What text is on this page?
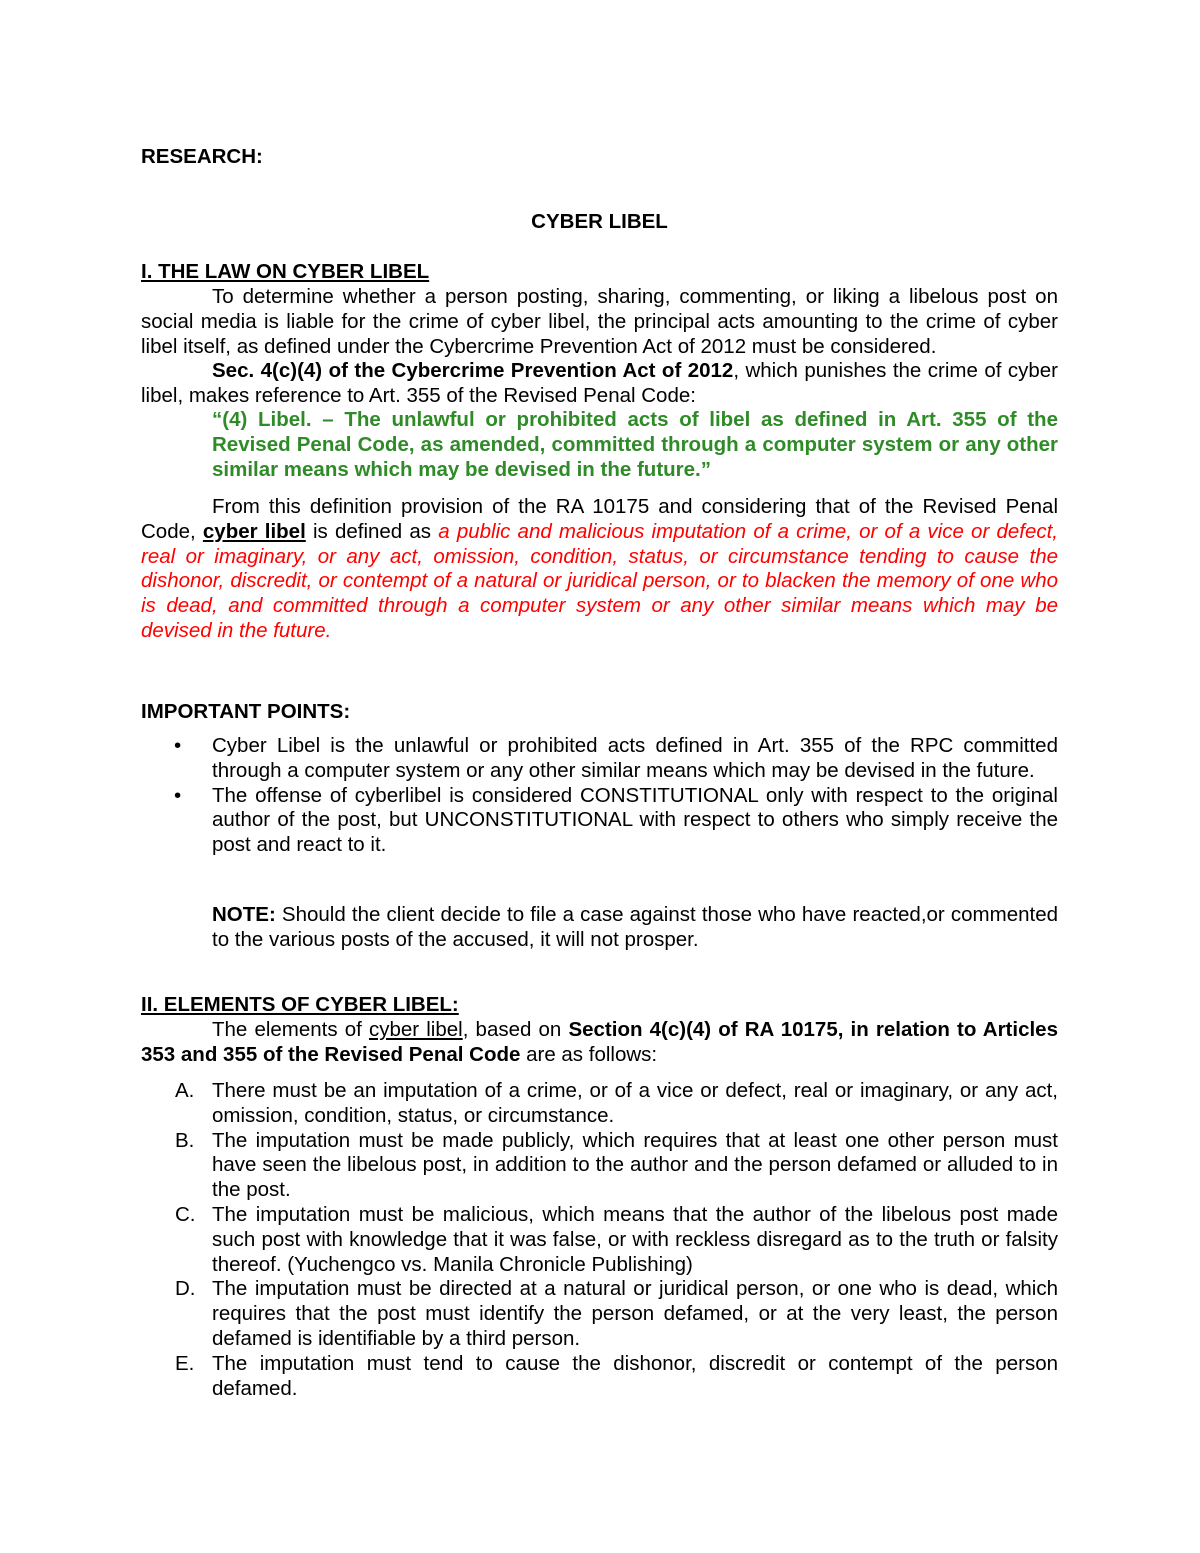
RESEARCH:
CYBER LIBEL
I. THE LAW ON CYBER LIBEL
To determine whether a person posting, sharing, commenting, or liking a libelous post on social media is liable for the crime of cyber libel, the principal acts amounting to the crime of cyber libel itself, as defined under the Cybercrime Prevention Act of 2012 must be considered.
Sec. 4(c)(4) of the Cybercrime Prevention Act of 2012, which punishes the crime of cyber libel, makes reference to Art. 355 of the Revised Penal Code:
“(4) Libel. – The unlawful or prohibited acts of libel as defined in Art. 355 of the Revised Penal Code, as amended, committed through a computer system or any other similar means which may be devised in the future.”
From this definition provision of the RA 10175 and considering that of the Revised Penal Code, cyber libel is defined as a public and malicious imputation of a crime, or of a vice or defect, real or imaginary, or any act, omission, condition, status, or circumstance tending to cause the dishonor, discredit, or contempt of a natural or juridical person, or to blacken the memory of one who is dead, and committed through a computer system or any other similar means which may be devised in the future.
IMPORTANT POINTS:
•	Cyber Libel is the unlawful or prohibited acts defined in Art. 355 of the RPC committed through a computer system or any other similar means which may be devised in the future.
•	The offense of cyberlibel is considered CONSTITUTIONAL only with respect to the original author of the post, but UNCONSTITUTIONAL with respect to others who simply receive the post and react to it.
NOTE: Should the client decide to file a case against those who have reacted,or commented to the various posts of the accused, it will not prosper.
II. ELEMENTS OF CYBER LIBEL:
The elements of cyber libel, based on Section 4(c)(4) of RA 10175, in relation to Articles 353 and 355 of the Revised Penal Code are as follows:
A. There must be an imputation of a crime, or of a vice or defect, real or imaginary, or any act, omission, condition, status, or circumstance.
B. The imputation must be made publicly, which requires that at least one other person must have seen the libelous post, in addition to the author and the person defamed or alluded to in the post.
C. The imputation must be malicious, which means that the author of the libelous post made such post with knowledge that it was false, or with reckless disregard as to the truth or falsity thereof. (Yuchengco vs. Manila Chronicle Publishing)
D. The imputation must be directed at a natural or juridical person, or one who is dead, which requires that the post must identify the person defamed, or at the very least, the person defamed is identifiable by a third person.
E. The imputation must tend to cause the dishonor, discredit or contempt of the person defamed.
